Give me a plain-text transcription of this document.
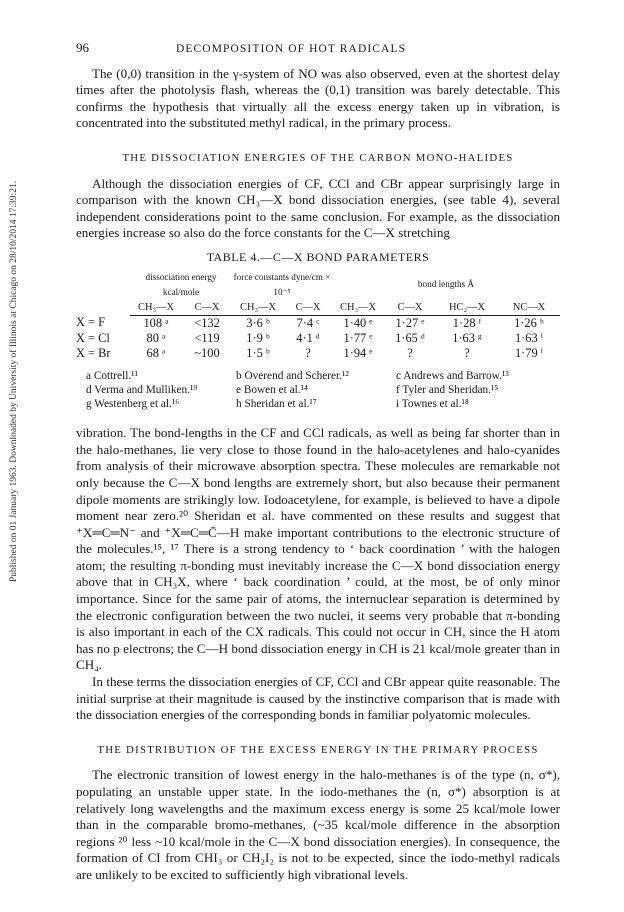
Published on 01 January 1963. Downloaded by University of Illinois at Chicago on 28/10/2014 17:39:21.
96	DECOMPOSITION OF HOT RADICALS

The (0,0) transition in the γ-system of NO was also observed, even at the shortest delay times after the photolysis flash, whereas the (0,1) transition was barely detectable. This confirms the hypothesis that virtually all the excess energy taken up in vibration, is concentrated into the substituted methyl radical, in the primary process.

THE DISSOCIATION ENERGIES OF THE CARBON MONO-HALIDES

Although the dissociation energies of CF, CCl and CBr appear surprisingly large in comparison with the known CH₃—X bond dissociation energies, (see table 4), several independent considerations point to the same conclusion. For example, as the dissociation energies increase so also do the force constants for the C—X stretching

TABLE 4.—C—X BOND PARAMETERS
	dissociation energy kcal/mole		force constants dyne/cm × 10⁻⁵		bond lengths Å			
	CH₃—X	C—X	CH₃—X	C—X	CH₃—X	C—X	HC₂—X	NC—X
X = F	108 ᵃ	<132	3·6 ᵇ	7·4 ᶜ	1·40 ᵉ	1·27 ᵉ	1·28 ᶠ	1·26 ʰ
X = Cl	80 ᵃ	<119	1·9 ᵇ	4·1 ᵈ	1·77 ᵉ	1·65 ᵈ	1·63 ᵍ	1·63 ⁱ
X = Br	68 ᵃ	~100	1·5 ᵇ	?	1·94 ᵉ	?	?	1·79 ⁱ
a Cottrell.¹¹	b Overend and Scherer.¹²	c Andrews and Barrow.¹³
d Verma and Mulliken.¹⁹	e Bowen et al.¹⁴	f Tyler and Sheridan.¹⁵
g Westenberg et al.¹⁶	h Sheridan et al.¹⁷	i Townes et al.¹⁸

vibration. The bond-lengths in the CF and CCl radicals, as well as being far shorter than in the halo-methanes, lie very close to those found in the halo-acetylenes and halo-cyanides from analysis of their microwave absorption spectra. These molecules are remarkable not only because the C—X bond lengths are extremely short, but also because their permanent dipole moments are strikingly low. Iodoacetylene, for example, is believed to have a dipole moment near zero.²⁰ Sheridan et al. have commented on these results and suggest that ⁺X═C═N⁻ and ⁺X═C═C̄—H make important contributions to the electronic structure of the molecules.¹⁵, ¹⁷ There is a strong tendency to ‘ back coordination ’ with the halogen atom; the resulting π-bonding must inevitably increase the C—X bond dissociation energy above that in CH₃X, where ‘ back coordination ’ could, at the most, be of only minor importance. Since for the same pair of atoms, the internuclear separation is determined by the electronic configuration between the two nuclei, it seems very probable that π-bonding is also important in each of the CX radicals. This could not occur in CH, since the H atom has no p electrons; the C—H bond dissociation energy in CH is 21 kcal/mole greater than in CH₄.

In these terms the dissociation energies of CF, CCl and CBr appear quite reasonable. The initial surprise at their magnitude is caused by the instinctive comparison that is made with the dissociation energies of the corresponding bonds in familiar polyatomic molecules.

THE DISTRIBUTION OF THE EXCESS ENERGY IN THE PRIMARY PROCESS

The electronic transition of lowest energy in the halo-methanes is of the type (n, σ*), populating an unstable upper state. In the iodo-methanes the (n, σ*) absorption is at relatively long wavelengths and the maximum excess energy is some 25 kcal/mole lower than in the comparable bromo-methanes, (~35 kcal/mole difference in the absorption regions ²⁰ less ~10 kcal/mole in the C—X bond dissociation energies). In consequence, the formation of CI from CHI₃ or CH₂I₂ is not to be expected, since the iodo-methyl radicals are unlikely to be excited to sufficiently high vibrational levels.
